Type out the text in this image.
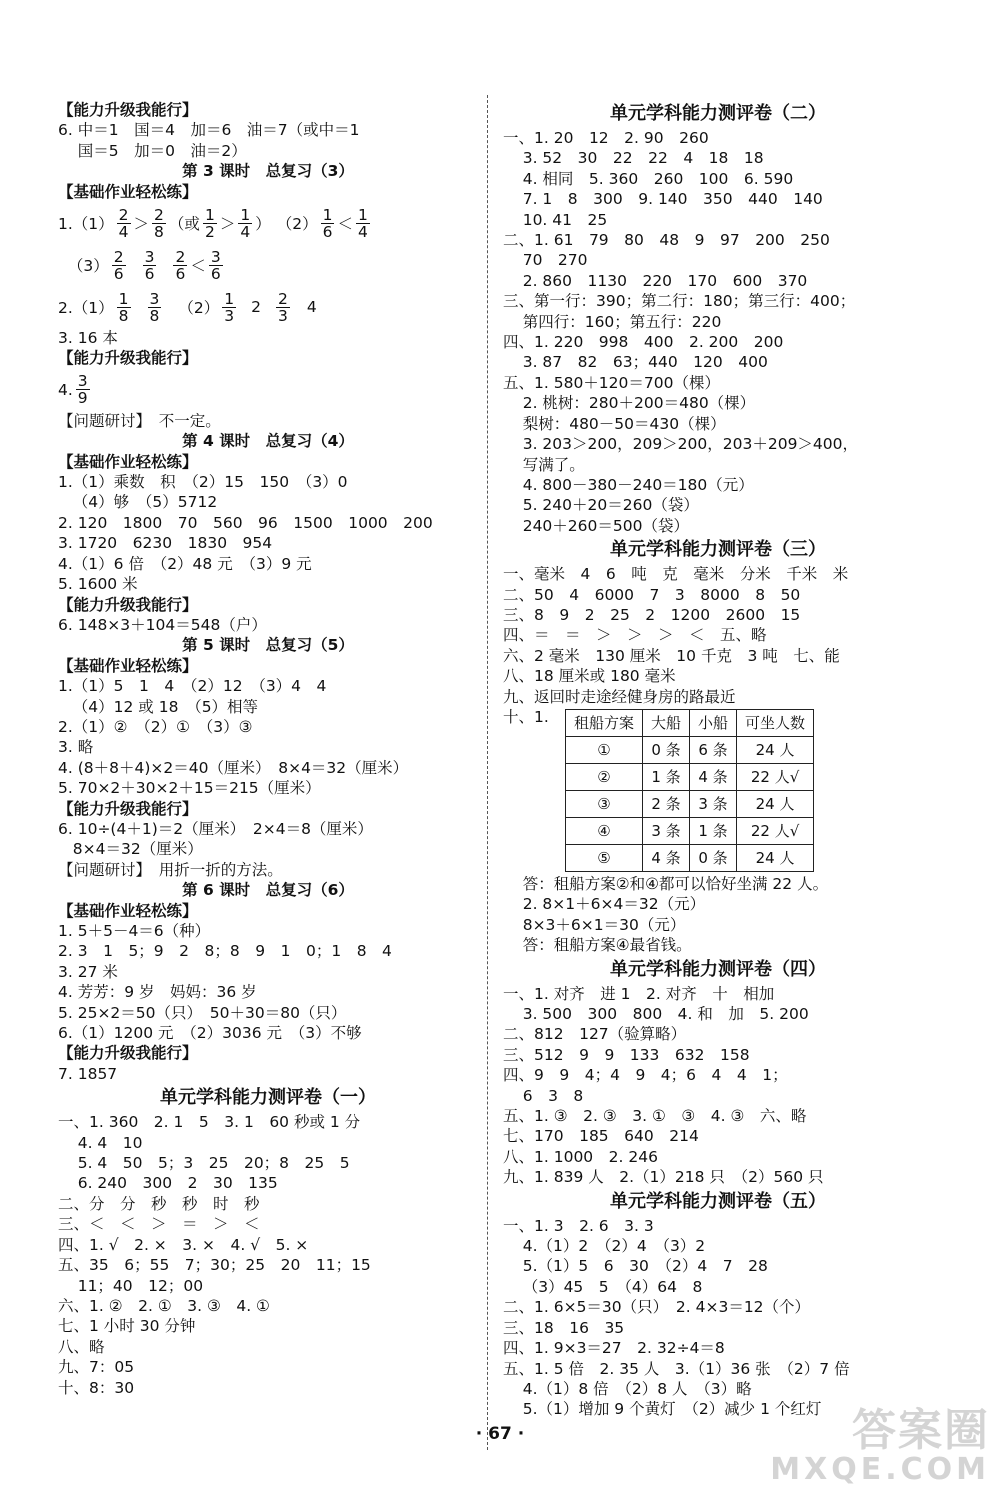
【能力升级我能行】
6. 中＝1　国＝4　加＝6　油＝7（或中＝1
国＝5　加＝0　油＝2）
第 3 课时　总复习（3）
【基础作业轻松练】
$1.(1) \frac{2}{4} > \frac{2}{8}$ （或 $\frac{1}{2} > \frac{1}{4}$ ） $(2) \frac{1}{6} < \frac{1}{4}$
$(3) \frac{2}{6} \frac{3}{6} \frac{2}{6} < \frac{3}{6}$
$2.(1) \frac{1}{8} \frac{3}{8} (2) \frac{1}{3} 2 \frac{2}{3} 4$
3. 16 本
【能力升级我能行】
4. $\frac{3}{9}$
【问题研讨】　不一定。
第 4 课时　总复习（4）
【基础作业轻松练】
1.（1）乘数　积　（2）15　150　（3）0
（4）够　（5）5712
2. 120　1800　70　560　96　1500　1000　200
3. 1720　6230　1830　954
4.（1）6 倍　（2）48 元　（3）9 元
5. 1600 米
【能力升级我能行】
6. 148×3＋104＝548（户）
第 5 课时　总复习（5）
【基础作业轻松练】
1.（1）5　1　4　（2）12　（3）4　4
（4）12 或 18　（5）相等
2.（1）②　（2）①　（3）③
3. 略
4. (8＋8＋4)×2＝40（厘米）　8×4＝32（厘米）
5. 70×2＋30×2＋15＝215（厘米）
【能力升级我能行】
6. 10÷(4＋1)＝2（厘米）　2×4＝8（厘米）
8×4＝32（厘米）
【问题研讨】　用折一折的方法。
第 6 课时　总复习（6）
【基础作业轻松练】
1. 5＋5－4＝6（种）
2. 3　1　5；9　2　8；8　9　1　0；1　8　4
3. 27 米
4. 芳芳：9 岁　妈妈：36 岁
5. 25×2＝50（只）　50＋30＝80（只）
6.（1）1200 元　（2）3036 元　（3）不够
【能力升级我能行】
7. 1857
单元学科能力测评卷（一）
一、1. 360　2. 1　5　3. 1　60 秒或 1 分
4. 4　10
5. 4　50　5；3　25　20；8　25　5
6. 240　300　2　30　135
二、分　分　秒　秒　时　秒
三、＜　＜　＞　＝　＞　＜
四、1. √　2. ×　3. ×　4. √　5. ×
五、35　6；55　7；30；25　20　11；15
11；40　12；00
六、1. ②　2. ①　3. ③　4. ①
七、1 小时 30 分钟
八、略
九、7：05
十、8：30
单元学科能力测评卷（二）
一、1. 20　12　2. 90　260
3. 52　30　22　22　4　18　18
4. 相同　5. 360　260　100　6. 590
7. 1　8　300　9. 140　350　440　140
10. 41　25
二、1. 61　79　80　48　9　97　200　250
70　270
2. 860　1130　220　170　600　370
三、第一行：390；第二行：180；第三行：400；
第四行：160；第五行：220
四、1. 220　998　400　2. 200　200
3. 87　82　63；440　120　400
五、1. 580＋120＝700（棵）
2. 桃树：280＋200＝480（棵）
梨树：480－50＝430（棵）
3. 203＞200，209＞200，203＋209＞400，
写满了。
4. 800－380－240＝180（元）
5. 240＋20＝260（袋）
240＋260＝500（袋）
单元学科能力测评卷（三）
一、毫米　4　6　吨　克　毫米　分米　千米　米
二、50　4　6000　7　3　8000　8　50
三、8　9　2　25　2　1200　2600　15
四、＝　＝　＞　＞　＞　＜　五、略
六、2 毫米　130 厘米　10 千克　3 吨　七、能
八、18 厘米或 180 毫米
九、返回时走途经健身房的路最近
十、1.	租船方案	大船	小船	可坐人数
①	0 条	6 条	24 人
②	1 条	4 条	22 人√
③	2 条	3 条	24 人
④	3 条	1 条	22 人√
⑤	4 条	0 条	24 人
答：租船方案②和④都可以恰好坐满 22 人。
2. 8×1＋6×4＝32（元）
8×3＋6×1＝30（元）
答：租船方案④最省钱。
单元学科能力测评卷（四）
一、1. 对齐　进 1　2. 对齐　十　相加
3. 500　300　800　4. 和　加　5. 200
二、812　127（验算略）
三、512　9　9　133　632　158
四、9　9　4；4　9　4；6　4　4　1；
6　3　8
五、1. ③　2. ③　3. ①　③　4. ③　六、略
七、170　185　640　214
八、1. 1000　2. 246
九、1. 839 人　2.（1）218 只　（2）560 只
单元学科能力测评卷（五）
一、1. 3　2. 6　3. 3
4.（1）2　（2）4　（3）2
5.（1）5　6　30　（2）4　7　28
（3）45　5　（4）64　8
二、1. 6×5＝30（只）　2. 4×3＝12（个）
三、18　16　35
四、1. 9×3＝27　2. 32÷4＝8
五、1. 5 倍　2. 35 人　3.（1）36 张　（2）7 倍
4.（1）8 倍　（2）8 人　（3）略
5.（1）增加 9 个黄灯　（2）减少 1 个红灯
· 67 ·	答案圈
MXQE.COM
